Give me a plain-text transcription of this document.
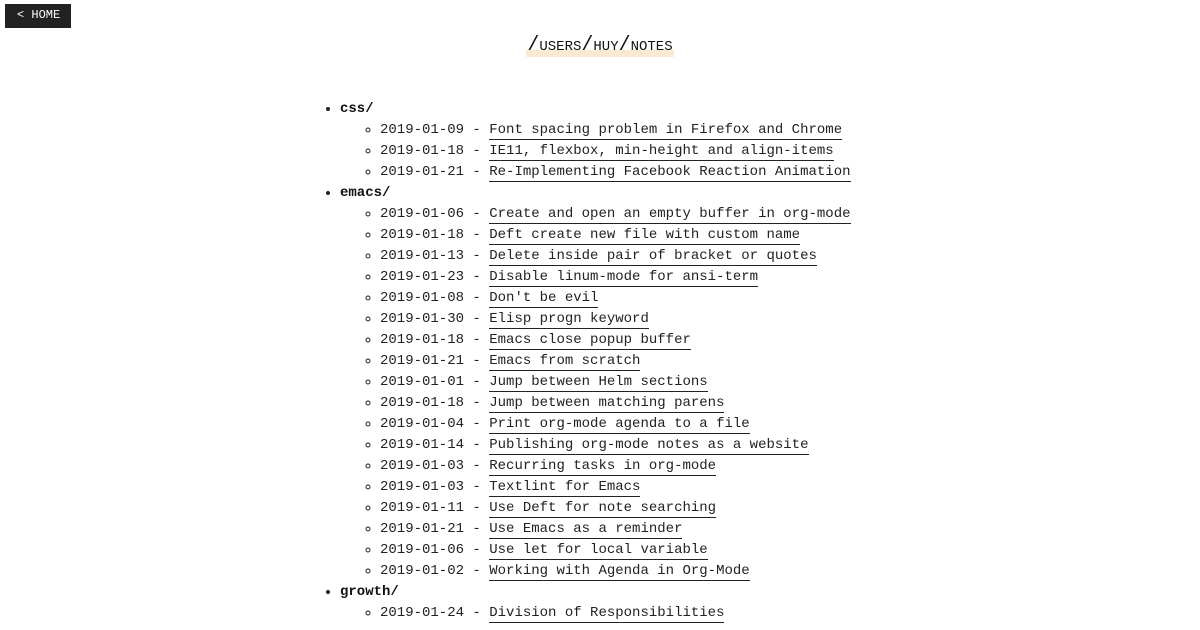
< HOME
/users/huy/notes
• css/
◦ 2019-01-09 - Font spacing problem in Firefox and Chrome
◦ 2019-01-18 - IE11, flexbox, min-height and align-items
◦ 2019-01-21 - Re-Implementing Facebook Reaction Animation
• emacs/
◦ 2019-01-06 - Create and open an empty buffer in org-mode
◦ 2019-01-18 - Deft create new file with custom name
◦ 2019-01-13 - Delete inside pair of bracket or quotes
◦ 2019-01-23 - Disable linum-mode for ansi-term
◦ 2019-01-08 - Don't be evil
◦ 2019-01-30 - Elisp progn keyword
◦ 2019-01-18 - Emacs close popup buffer
◦ 2019-01-21 - Emacs from scratch
◦ 2019-01-01 - Jump between Helm sections
◦ 2019-01-18 - Jump between matching parens
◦ 2019-01-04 - Print org-mode agenda to a file
◦ 2019-01-14 - Publishing org-mode notes as a website
◦ 2019-01-03 - Recurring tasks in org-mode
◦ 2019-01-03 - Textlint for Emacs
◦ 2019-01-11 - Use Deft for note searching
◦ 2019-01-21 - Use Emacs as a reminder
◦ 2019-01-06 - Use let for local variable
◦ 2019-01-02 - Working with Agenda in Org-Mode
• growth/
◦ 2019-01-24 - Division of Responsibilities
